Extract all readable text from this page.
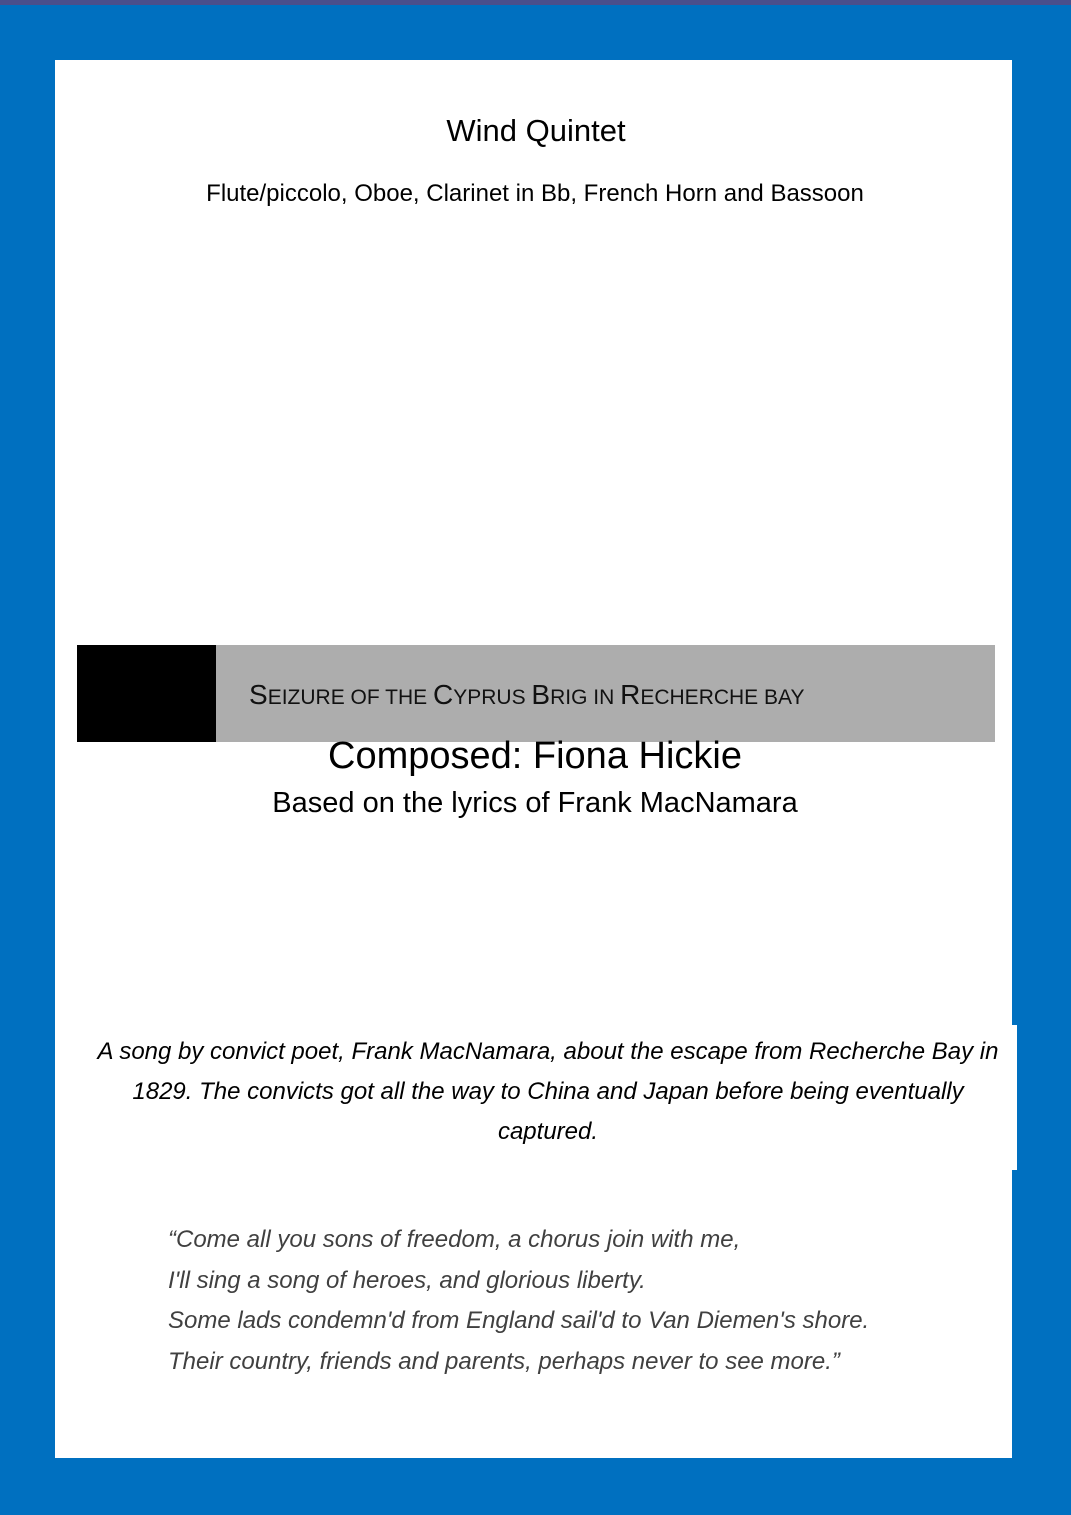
Wind Quintet
Flute/piccolo, Oboe, Clarinet in Bb, French Horn and Bassoon
SEIZURE OF THE CYPRUS BRIG IN RECHERCHE BAY
Composed: Fiona Hickie
Based on the lyrics of Frank MacNamara
A song by convict poet, Frank MacNamara, about the escape from Recherche Bay in 1829. The convicts got all the way to China and Japan before being eventually captured.
“Come all you sons of freedom, a chorus join with me,
I'll sing a song of heroes, and glorious liberty.
Some lads condemn'd from England sail'd to Van Diemen's shore.
Their country, friends and parents, perhaps never to see more.”
